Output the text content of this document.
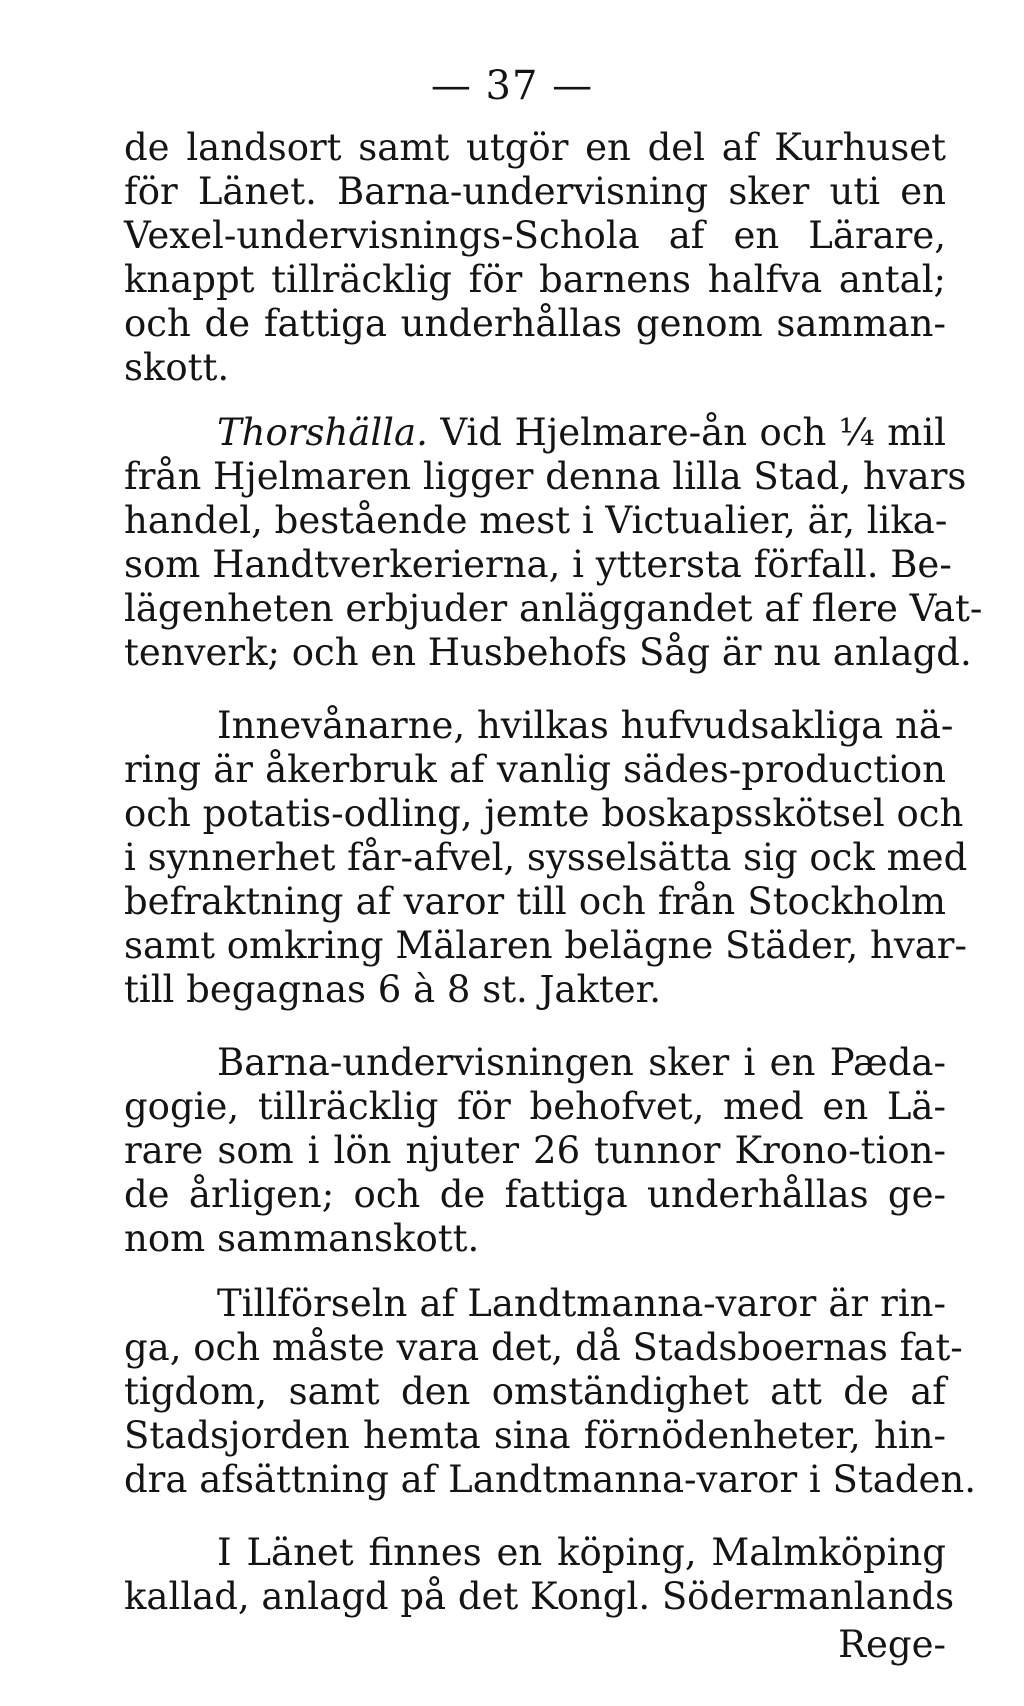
— 37 —
de landsort samt utgör en del af Kurhuset
för Länet. Barna-undervisning sker uti en
Vexel-undervisnings-Schola af en Lärare,
knappt tillräcklig för barnens halfva antal;
och de fattiga underhållas genom samman-
skott.
Thorshälla. Vid Hjelmare-ån och ¼ mil
från Hjelmaren ligger denna lilla Stad, hvars
handel, bestående mest i Victualier, är, lika-
som Handtverkerierna, i yttersta förfall. Be-
lägenheten erbjuder anläggandet af flere Vat-
tenverk; och en Husbehofs Såg är nu anlagd.
Innevånarne, hvilkas hufvudsakliga nä-
ring är åkerbruk af vanlig sädes-production
och potatis-odling, jemte boskapsskötsel och
i synnerhet får-afvel, sysselsätta sig ock med
befraktning af varor till och från Stockholm
samt omkring Mälaren belägne Städer, hvar-
till begagnas 6 à 8 st. Jakter.
Barna-undervisningen sker i en Pæda-
gogie, tillräcklig för behofvet, med en Lä-
rare som i lön njuter 26 tunnor Krono-tion-
de årligen; och de fattiga underhållas ge-
nom sammanskott.
Tillförseln af Landtmanna-varor är rin-
ga, och måste vara det, då Stadsboernas fat-
tigdom, samt den omständighet att de af
Stadsjorden hemta sina förnödenheter, hin-
dra afsättning af Landtmanna-varor i Staden.
I Länet finnes en köping, Malmköping
kallad, anlagd på det Kongl. Södermanlands
Rege-
